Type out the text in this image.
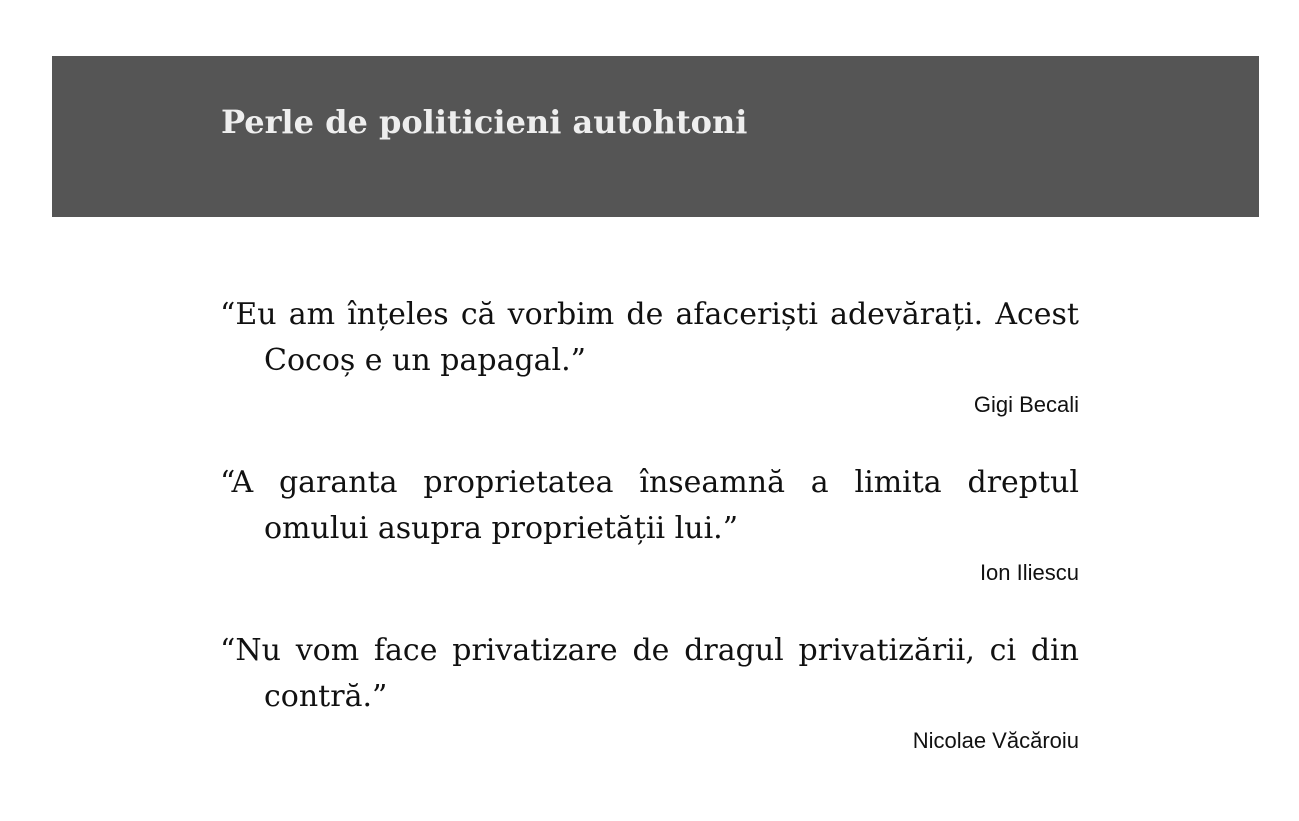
Perle de politicieni autohtoni

“Eu am înțeles că vorbim de afaceriști adevărați. Acest Cocoș e un papagal.”

Gigi Becali

“A garanta proprietatea înseamnă a limita dreptul omului asupra proprietății lui.”

Ion Iliescu

“Nu vom face privatizare de dragul privatizării, ci din contră.”

Nicolae Văcăroiu
